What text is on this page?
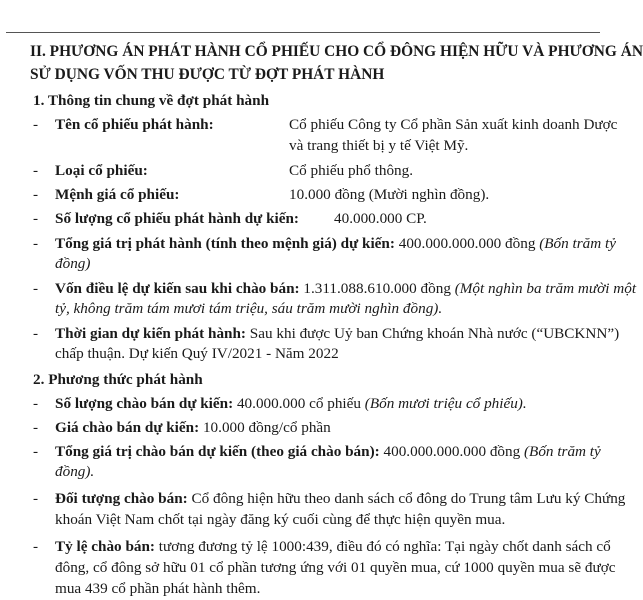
II. PHƯƠNG ÁN PHÁT HÀNH CỔ PHIẾU CHO CỔ ĐÔNG HIỆN HỮU VÀ PHƯƠNG ÁN
SỬ DỤNG VỐN THU ĐƯỢC TỪ ĐỢT PHÁT HÀNH
1. Thông tin chung về đợt phát hành
- Tên cổ phiếu phát hành:	Cổ phiếu Công ty Cổ phần Sản xuất kinh doanh Dược
và trang thiết bị y tế Việt Mỹ.
- Loại cổ phiếu:	Cổ phiếu phổ thông.
- Mệnh giá cổ phiếu:	10.000 đồng (Mười nghìn đồng).
- Số lượng cổ phiếu phát hành dự kiến: 40.000.000 CP.
- Tổng giá trị phát hành (tính theo mệnh giá) dự kiến: 400.000.000.000 đồng (Bốn trăm tỷ
đồng)
- Vốn điều lệ dự kiến sau khi chào bán: 1.311.088.610.000 đồng (Một nghìn ba trăm mười một
tỷ, không trăm tám mươi tám triệu, sáu trăm mười nghìn đồng).
- Thời gian dự kiến phát hành: Sau khi được Uỷ ban Chứng khoán Nhà nước (“UBCKNN”)
chấp thuận. Dự kiến Quý IV/2021 - Năm 2022
2. Phương thức phát hành
- Số lượng chào bán dự kiến: 40.000.000 cổ phiếu (Bốn mươi triệu cổ phiếu).
- Giá chào bán dự kiến: 10.000 đồng/cổ phần
- Tổng giá trị chào bán dự kiến (theo giá chào bán): 400.000.000.000 đồng (Bốn trăm tỷ
đồng).
- Đối tượng chào bán: Cổ đông hiện hữu theo danh sách cổ đông do Trung tâm Lưu ký Chứng
khoán Việt Nam chốt tại ngày đăng ký cuối cùng để thực hiện quyền mua.
- Tỷ lệ chào bán: tương đương tỷ lệ 1000:439, điều đó có nghĩa: Tại ngày chốt danh sách cổ
đông, cổ đông sở hữu 01 cổ phần tương ứng với 01 quyền mua, cứ 1000 quyền mua sẽ được
mua 439 cổ phần phát hành thêm.
